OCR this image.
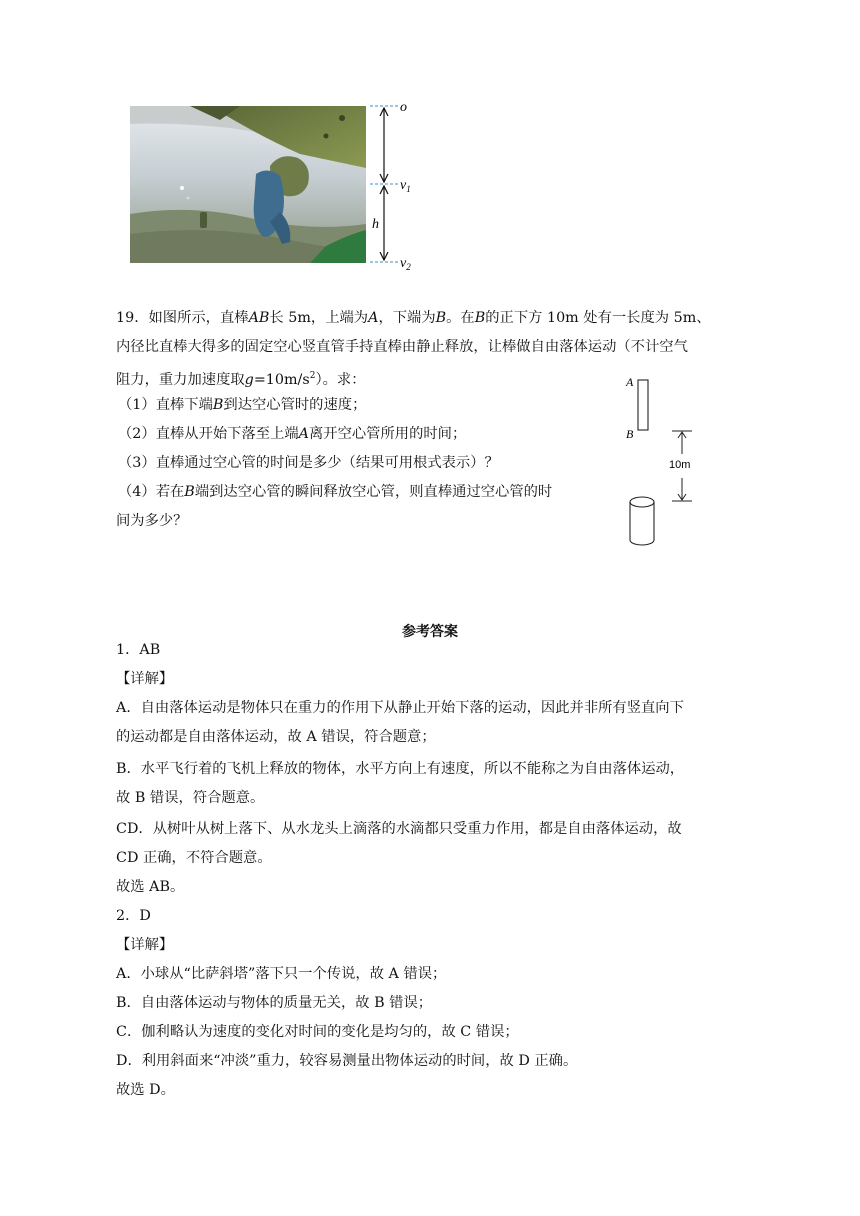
o
$v_1$
h
$v_2$
19．如图所示，直棒AB长 5m，上端为A，下端为B。在B的正下方 10m 处有一长度为 5m、
内径比直棒大得多的固定空心竖直管手持直棒由静止释放，让棒做自由落体运动（不计空气
阻力，重力加速度取$g=10m/s^2$）。求：
（1）直棒下端B到达空心管时的速度；
（2）直棒从开始下落至上端A离开空心管所用的时间；
（3）直棒通过空心管的时间是多少（结果可用根式表示）？
（4）若在B端到达空心管的瞬间释放空心管，则直棒通过空心管的时
间为多少？
A
B
10m
参考答案
1．AB
【详解】
A．自由落体运动是物体只在重力的作用下从静止开始下落的运动，因此并非所有竖直向下
的运动都是自由落体运动，故 A 错误，符合题意；
B．水平飞行着的飞机上释放的物体，水平方向上有速度，所以不能称之为自由落体运动，
故 B 错误，符合题意。
CD．从树叶从树上落下、从水龙头上滴落的水滴都只受重力作用，都是自由落体运动，故
CD 正确，不符合题意。
故选 AB。
2．D
【详解】
A．小球从“比萨斜塔”落下只一个传说，故 A 错误；
B．自由落体运动与物体的质量无关，故 B 错误；
C．伽利略认为速度的变化对时间的变化是均匀的，故 C 错误；
D．利用斜面来“冲淡”重力，较容易测量出物体运动的时间，故 D 正确。
故选 D。
